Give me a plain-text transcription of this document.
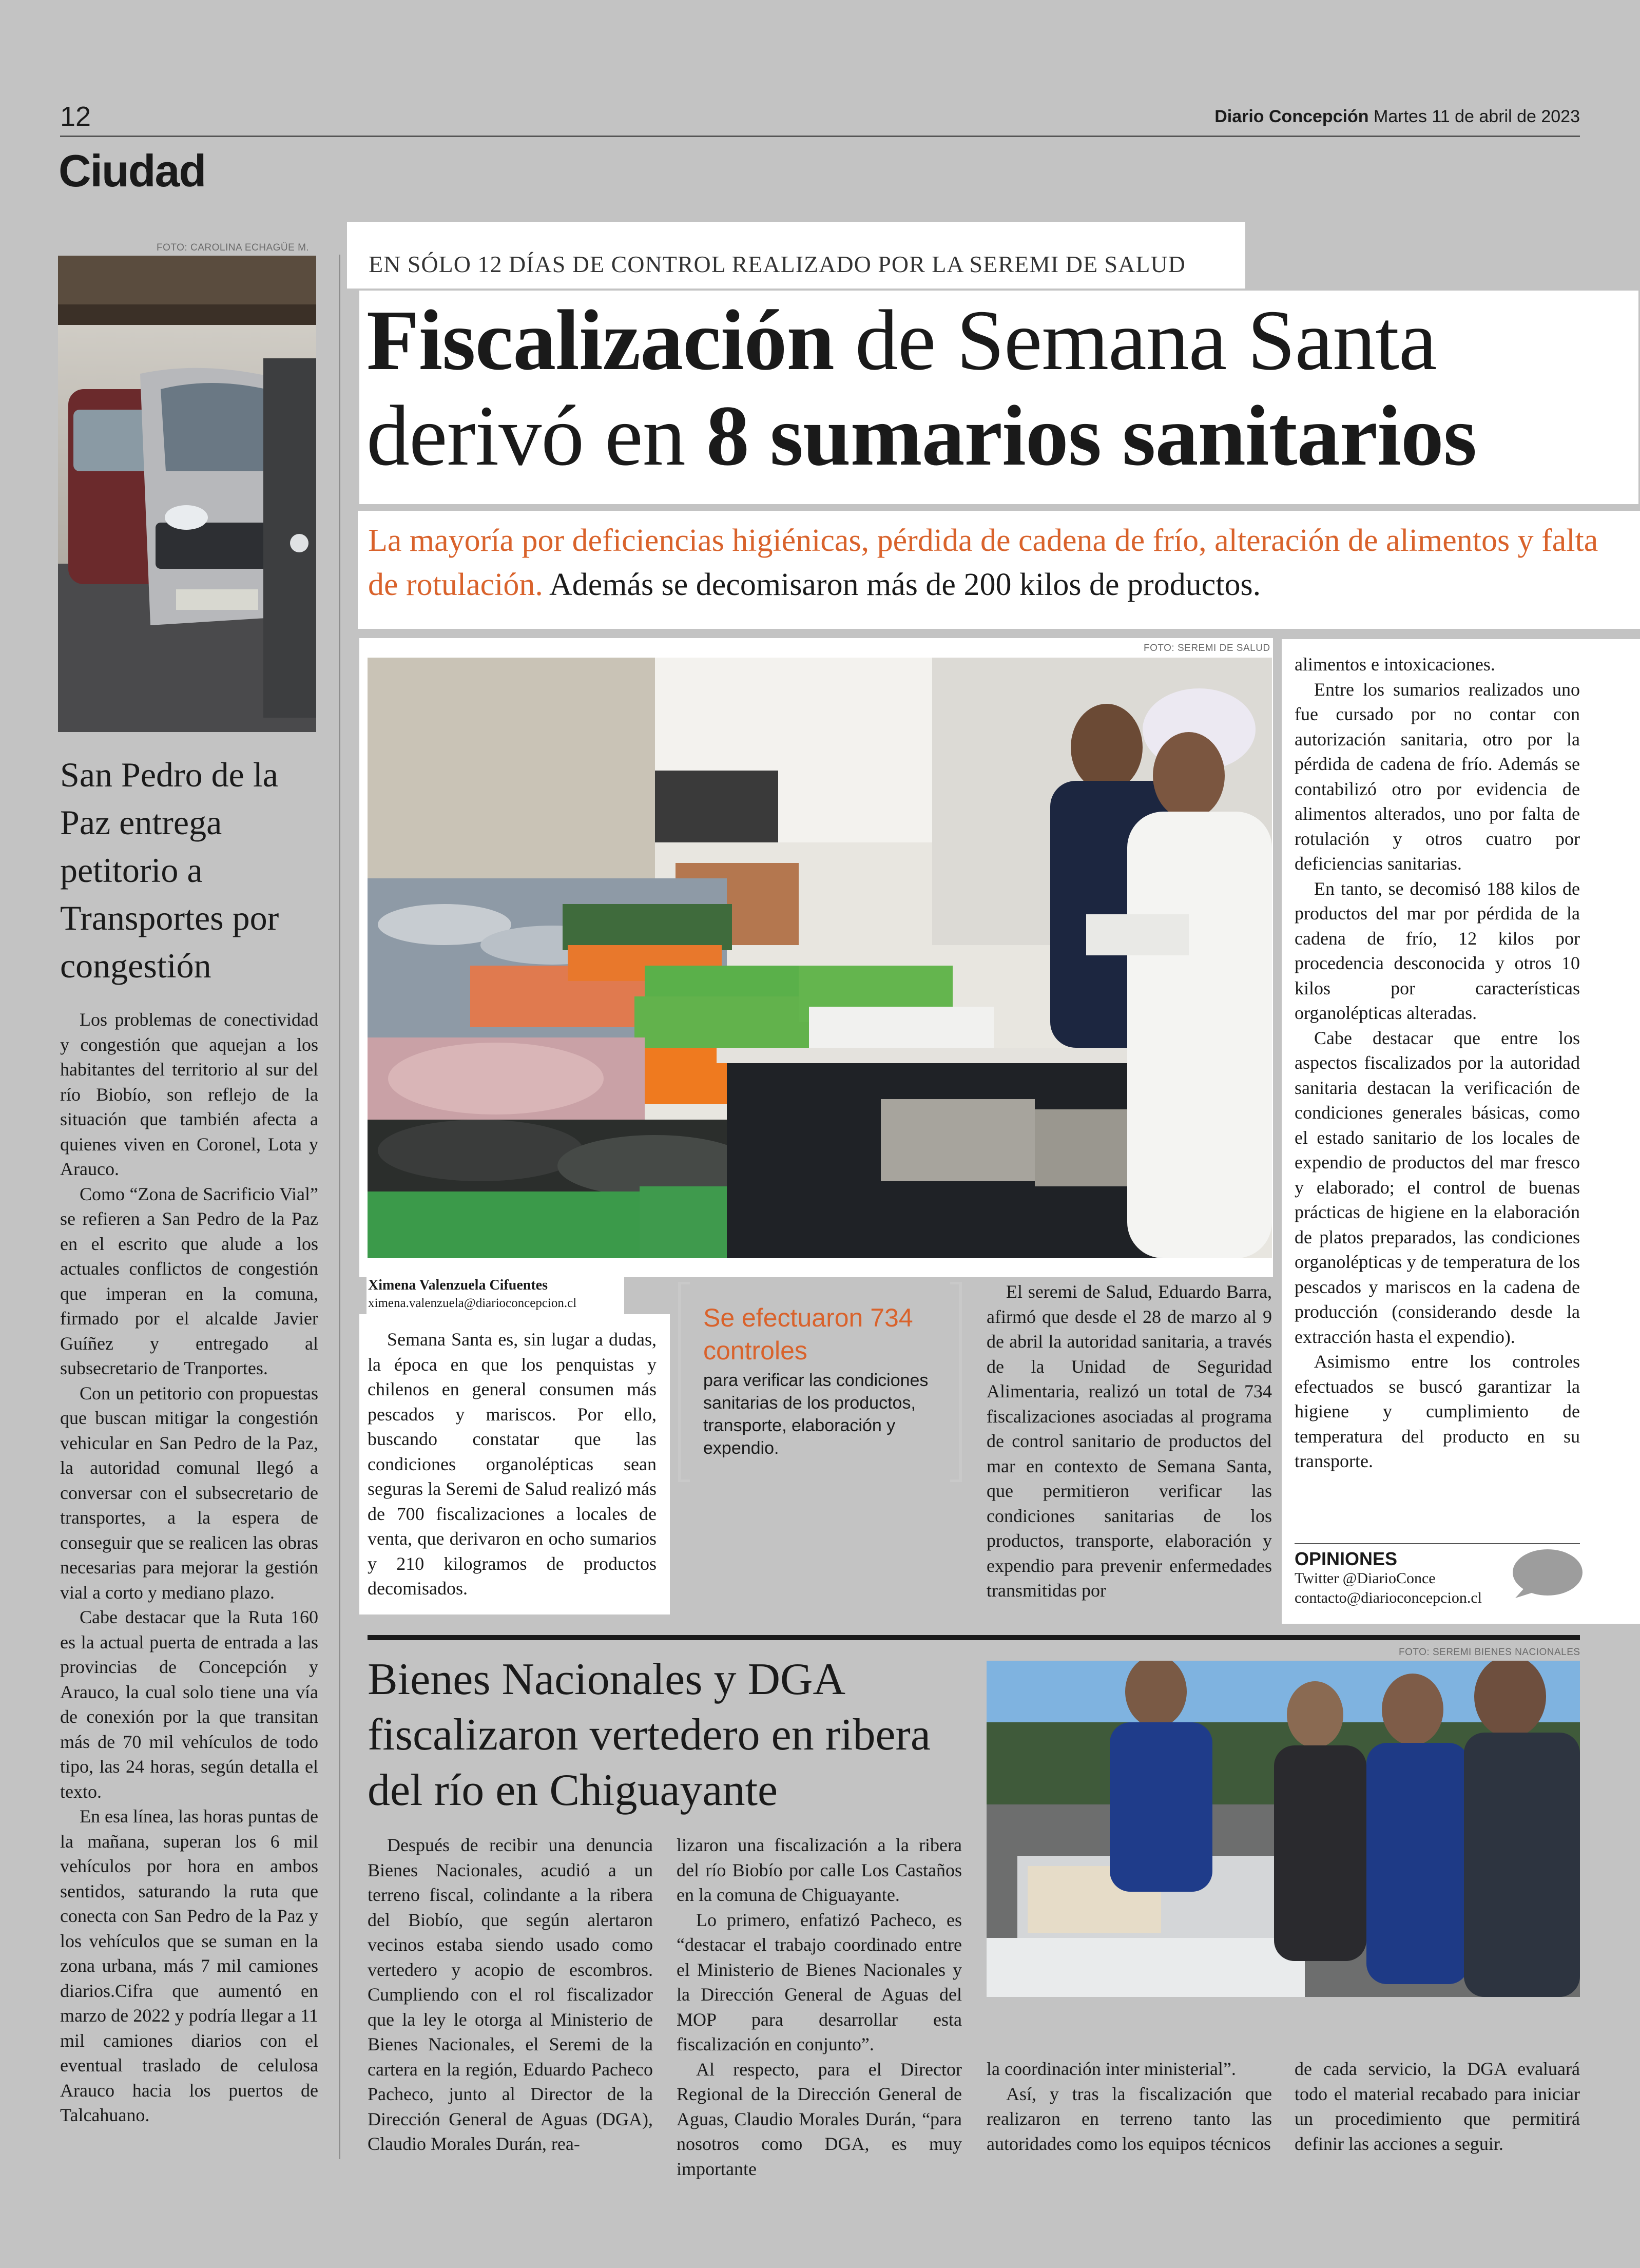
12	Diario Concepción Martes 11 de abril de 2023
Ciudad
FOTO: CAROLINA ECHAGÜE M.
San Pedro de la Paz entrega petitorio a Transportes por congestión

Los problemas de conectividad y congestión que aquejan a los habitantes del territorio al sur del río Biobío, son reflejo de la situación que también afecta a quienes viven en Coronel, Lota y Arauco.

Como “Zona de Sacrificio Vial” se refieren a San Pedro de la Paz en el escrito que alude a los actuales conflictos de congestión que imperan en la comuna, firmado por el alcalde Javier Guíñez y entregado al subsecretario de Tranportes.

Con un petitorio con propuestas que buscan mitigar la congestión vehicular en San Pedro de la Paz, la autoridad comunal llegó a conversar con el subsecretario de transportes, a la espera de conseguir que se realicen las obras necesarias para mejorar la gestión vial a corto y mediano plazo.

Cabe destacar que la Ruta 160 es la actual puerta de entrada a las provincias de Concepción y Arauco, la cual solo tiene una vía de conexión por la que transitan más de 70 mil vehículos de todo tipo, las 24 horas, según detalla el texto.

En esa línea, las horas puntas de la mañana, superan los 6 mil vehículos por hora en ambos sentidos, saturando la ruta que conecta con San Pedro de la Paz y los vehículos que se suman en la zona urbana, más 7 mil camiones diarios.Cifra que aumentó en marzo de 2022 y podría llegar a 11 mil camiones diarios con el eventual traslado de celulosa Arauco hacia los puertos de Talcahuano.

EN SÓLO 12 DÍAS DE CONTROL REALIZADO POR LA SEREMI DE SALUD
Fiscalización de Semana Santa
derivó en 8 sumarios sanitarios
La mayoría por deficiencias higiénicas, pérdida de cadena de frío, alteración de alimentos y falta de rotulación. Además se decomisaron más de 200 kilos de productos.
FOTO: SEREMI DE SALUD
Ximena Valenzuela Cifuentes
ximena.valenzuela@diarioconcepcion.cl

Semana Santa es, sin lugar a dudas, la época en que los penquistas y chilenos en general consumen más pescados y mariscos. Por ello, buscando constatar que las condiciones organolépticas sean seguras la Seremi de Salud realizó más de 700 fiscalizaciones a locales de venta, que derivaron en ocho sumarios y 210 kilogramos de productos decomisados.

Se efectuaron 734 controles
para verificar las condiciones sanitarias de los productos, transporte, elaboración y expendio.

El seremi de Salud, Eduardo Barra, afirmó que desde el 28 de marzo al 9 de abril la autoridad sanitaria, a través de la Unidad de Seguridad Alimentaria, realizó un total de 734 fiscalizaciones asociadas al programa de control sanitario de productos del mar en contexto de Semana Santa, que permitieron verificar las condiciones sanitarias de los productos, transporte, elaboración y expendio para prevenir enfermedades transmitidas por

alimentos e intoxicaciones.

Entre los sumarios realizados uno fue cursado por no contar con autorización sanitaria, otro por la pérdida de cadena de frío. Además se contabilizó otro por evidencia de alimentos alterados, uno por falta de rotulación y otros cuatro por deficiencias sanitarias.

En tanto, se decomisó 188 kilos de productos del mar por pérdida de la cadena de frío, 12 kilos por procedencia desconocida y otros 10 kilos por características organolépticas alteradas.

Cabe destacar que entre los aspectos fiscalizados por la autoridad sanitaria destacan la verificación de condiciones generales básicas, como el estado sanitario de los locales de expendio de productos del mar fresco y elaborado; el control de buenas prácticas de higiene en la elaboración de platos preparados, las condiciones organolépticas y de temperatura de los pescados y mariscos en la cadena de producción (considerando desde la extracción hasta el expendio).

Asimismo entre los controles efectuados se buscó garantizar la higiene y cumplimiento de temperatura del producto en su transporte.

OPINIONES
Twitter @DiarioConce
contacto@diarioconcepcion.cl
Bienes Nacionales y DGA fiscalizaron vertedero en ribera del río en Chiguayante
FOTO: SEREMI BIENES NACIONALES

Después de recibir una denuncia Bienes Nacionales, acudió a un terreno fiscal, colindante a la ribera del Biobío, que según alertaron vecinos estaba siendo usado como vertedero y acopio de escombros. Cumpliendo con el rol fiscalizador que la ley le otorga al Ministerio de Bienes Nacionales, el Seremi de la cartera en la región, Eduardo Pacheco Pacheco, junto al Director de la Dirección General de Aguas (DGA), Claudio Morales Durán, rea-

lizaron una fiscalización a la ribera del río Biobío por calle Los Castaños en la comuna de Chiguayante.

Lo primero, enfatizó Pacheco, es “destacar el trabajo coordinado entre el Ministerio de Bienes Nacionales y la Dirección General de Aguas del MOP para desarrollar esta fiscalización en conjunto”.

Al respecto, para el Director Regional de la Dirección General de Aguas, Claudio Morales Durán, “para nosotros como DGA, es muy importante

la coordinación inter ministerial”.

Así, y tras la fiscalización que realizaron en terreno tanto las autoridades como los equipos técnicos

de cada servicio, la DGA evaluará todo el material recabado para iniciar un procedimiento que permitirá definir las acciones a seguir.
